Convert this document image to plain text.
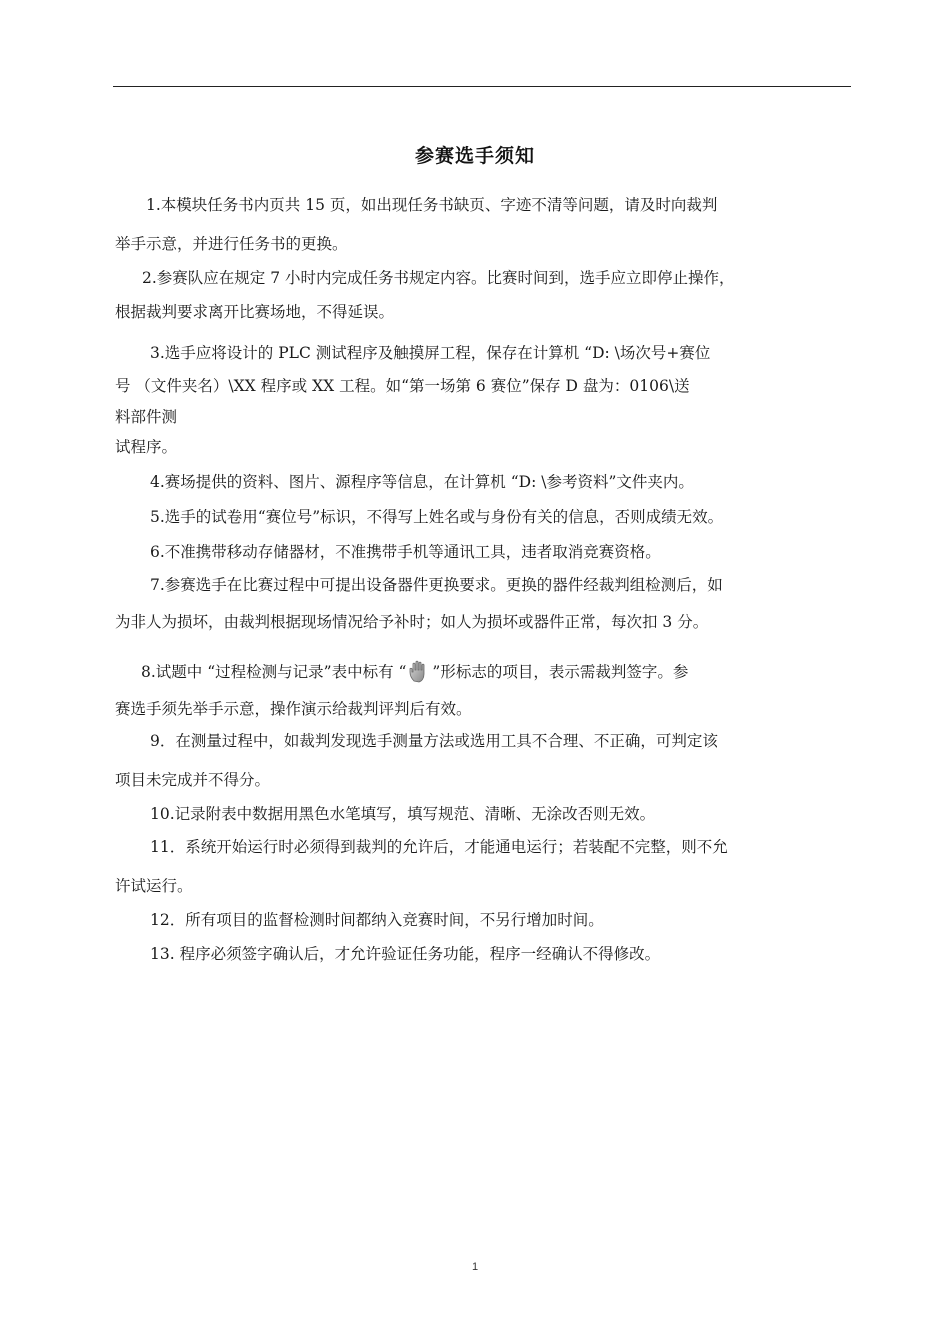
参赛选手须知
1.本模块任务书内页共 15 页，如出现任务书缺页、字迹不清等问题，请及时向裁判
举手示意，并进行任务书的更换。
2.参赛队应在规定 7 小时内完成任务书规定内容。比赛时间到，选手应立即停止操作，
根据裁判要求离开比赛场地，不得延误。
3.选手应将设计的 PLC 测试程序及触摸屏工程，保存在计算机 “D: \场次号+赛位
号 （文件夹名）\XX 程序或 XX 工程。如“第一场第 6 赛位”保存 D 盘为：0106\送
料部件测
试程序。
4.赛场提供的资料、图片、源程序等信息，在计算机 “D: \参考资料”文件夹内。
5.选手的试卷用“赛位号”标识，不得写上姓名或与身份有关的信息，否则成绩无效。
6.不准携带移动存储器材，不准携带手机等通讯工具，违者取消竞赛资格。
7.参赛选手在比赛过程中可提出设备器件更换要求。更换的器件经裁判组检测后，如
为非人为损坏，由裁判根据现场情况给予补时；如人为损坏或器件正常，每次扣 3 分。
8.试题中 “过程检测与记录”表中标有 “ ”形标志的项目，表示需裁判签字。参
赛选手须先举手示意，操作演示给裁判评判后有效。
9．在测量过程中，如裁判发现选手测量方法或选用工具不合理、不正确，可判定该
项目未完成并不得分。
10.记录附表中数据用黑色水笔填写，填写规范、清晰、无涂改否则无效。
11．系统开始运行时必须得到裁判的允许后，才能通电运行；若装配不完整，则不允
许试运行。
12．所有项目的监督检测时间都纳入竞赛时间，不另行增加时间。
13. 程序必须签字确认后，才允许验证任务功能，程序一经确认不得修改。
1
